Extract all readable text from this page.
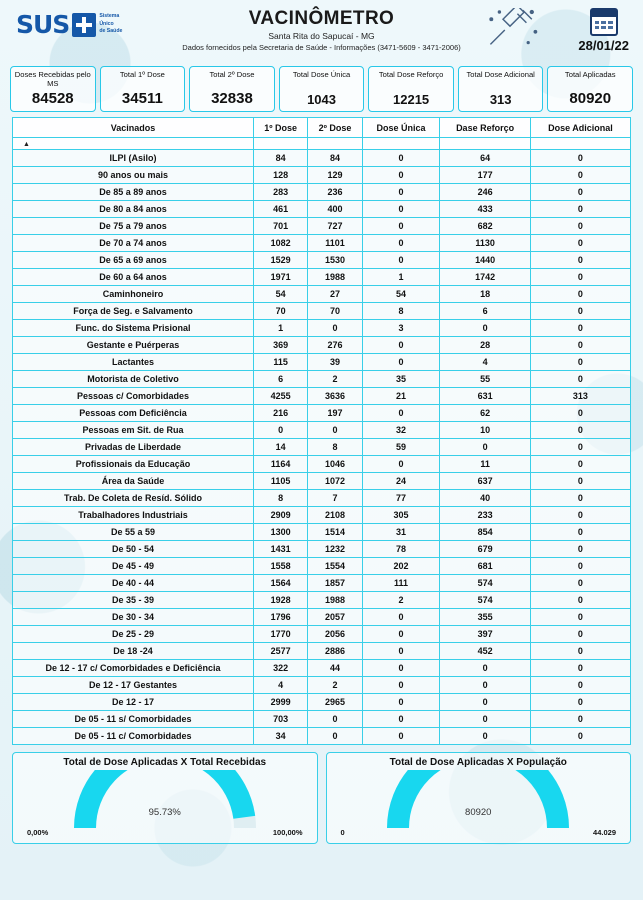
SUS	Sistema
Único
de Saúde
VACINÔMETRO
Santa Rita do Sapucaí - MG
Dados fornecidos pela Secretaria de Saúde - Informações (3471-5609 - 3471-2006)	28/01/22
Doses Recebidas pelo MS
84528
Total 1º Dose
34511
Total 2º Dose
32838
Total Dose Única
1043
Total Dose Reforço
12215
Total Dose Adicional
313
Total Aplicadas
80920
Vacinados	1º Dose	2º Dose	Dose Única	Dase Reforço	Dose Adicional
▲					
ILPI (Asilo)	84	84	0	64	0
90 anos ou mais	128	129	0	177	0
De 85 a 89 anos	283	236	0	246	0
De 80 a 84 anos	461	400	0	433	0
De 75 a 79 anos	701	727	0	682	0
De 70 a 74 anos	1082	1101	0	1130	0
De 65 a 69 anos	1529	1530	0	1440	0
De 60 a 64 anos	1971	1988	1	1742	0
Caminhoneiro	54	27	54	18	0
Força de Seg. e Salvamento	70	70	8	6	0
Func. do Sistema Prisional	1	0	3	0	0
Gestante e Puérperas	369	276	0	28	0
Lactantes	115	39	0	4	0
Motorista de Coletivo	6	2	35	55	0
Pessoas c/ Comorbidades	4255	3636	21	631	313
Pessoas com Deficiência	216	197	0	62	0
Pessoas em Sit. de Rua	0	0	32	10	0
Privadas de Liberdade	14	8	59	0	0
Profissionais da Educação	1164	1046	0	11	0
Área da Saúde	1105	1072	24	637	0
Trab. De Coleta de Resíd. Sólido	8	7	77	40	0
Trabalhadores Industriais	2909	2108	305	233	0
De 55 a 59	1300	1514	31	854	0
De 50 - 54	1431	1232	78	679	0
De 45 - 49	1558	1554	202	681	0
De 40 - 44	1564	1857	111	574	0
De 35 - 39	1928	1988	2	574	0
De 30 - 34	1796	2057	0	355	0
De 25 - 29	1770	2056	0	397	0
De 18 -24	2577	2886	0	452	0
De 12 - 17 c/ Comorbidades e Deficiência	322	44	0	0	0
De 12 - 17 Gestantes	4	2	0	0	0
De 12 - 17	2999	2965	0	0	0
De 05 - 11 s/ Comorbidades	703	0	0	0	0
De 05 - 11 c/ Comorbidades	34	0	0	0	0
Total de Dose Aplicadas X Total Recebidas
95.73%
0,00%	100,00%
Total de Dose Aplicadas X População
80920
0	44.029
